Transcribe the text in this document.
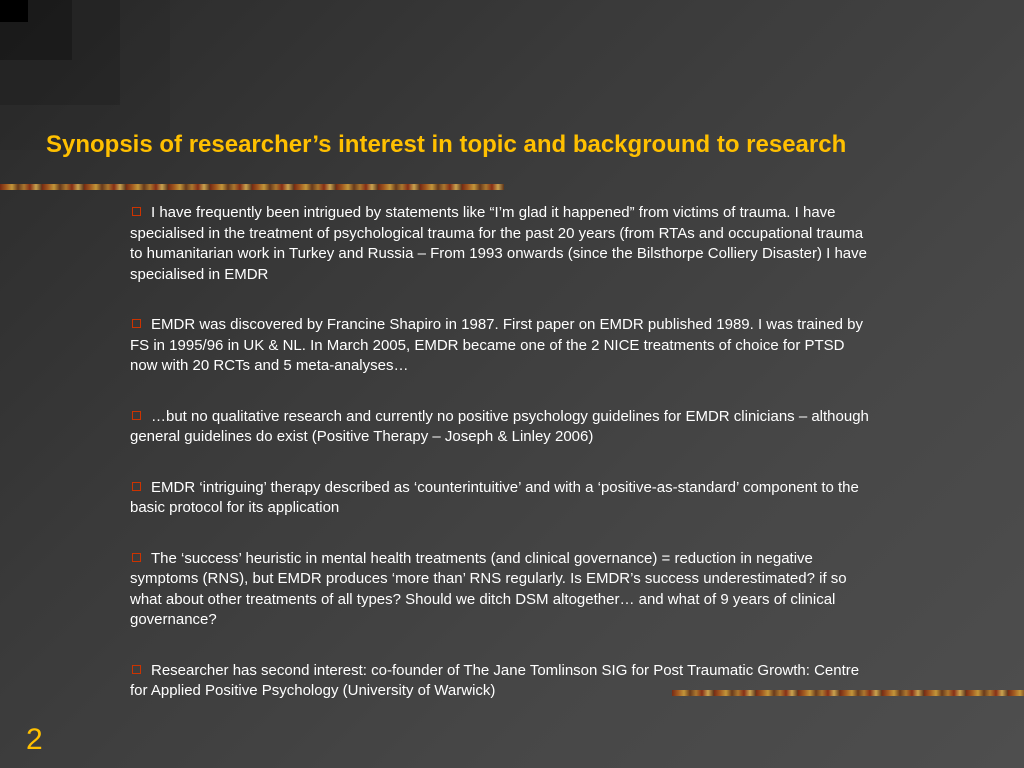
Synopsis of researcher’s interest in topic and background to research
I have frequently been intrigued by statements like “I’m glad it happened” from victims of trauma. I have specialised in the treatment of psychological trauma for the past 20 years (from RTAs and occupational trauma to humanitarian work in Turkey and Russia – From 1993 onwards (since the Bilsthorpe Colliery Disaster) I have specialised in EMDR
EMDR was discovered by Francine Shapiro in 1987. First paper on EMDR published 1989. I was trained by FS in 1995/96 in UK & NL. In March 2005, EMDR became one of the 2 NICE treatments of choice for PTSD now with 20 RCTs and 5 meta-analyses…
…but no qualitative research and currently no positive psychology guidelines for EMDR clinicians – although general guidelines do exist (Positive Therapy – Joseph & Linley 2006)
EMDR ‘intriguing’ therapy described as ‘counterintuitive’ and with a ‘positive-as-standard’ component to the basic protocol for its application
The ‘success’ heuristic in mental health treatments (and clinical governance) = reduction in negative symptoms (RNS), but EMDR produces ‘more than’ RNS regularly. Is EMDR’s success underestimated? if so what about other treatments of all types? Should we ditch DSM altogether… and what of 9 years of clinical governance?
Researcher has second interest: co-founder of The Jane Tomlinson SIG for Post Traumatic Growth: Centre for Applied Positive Psychology (University of Warwick)
2
